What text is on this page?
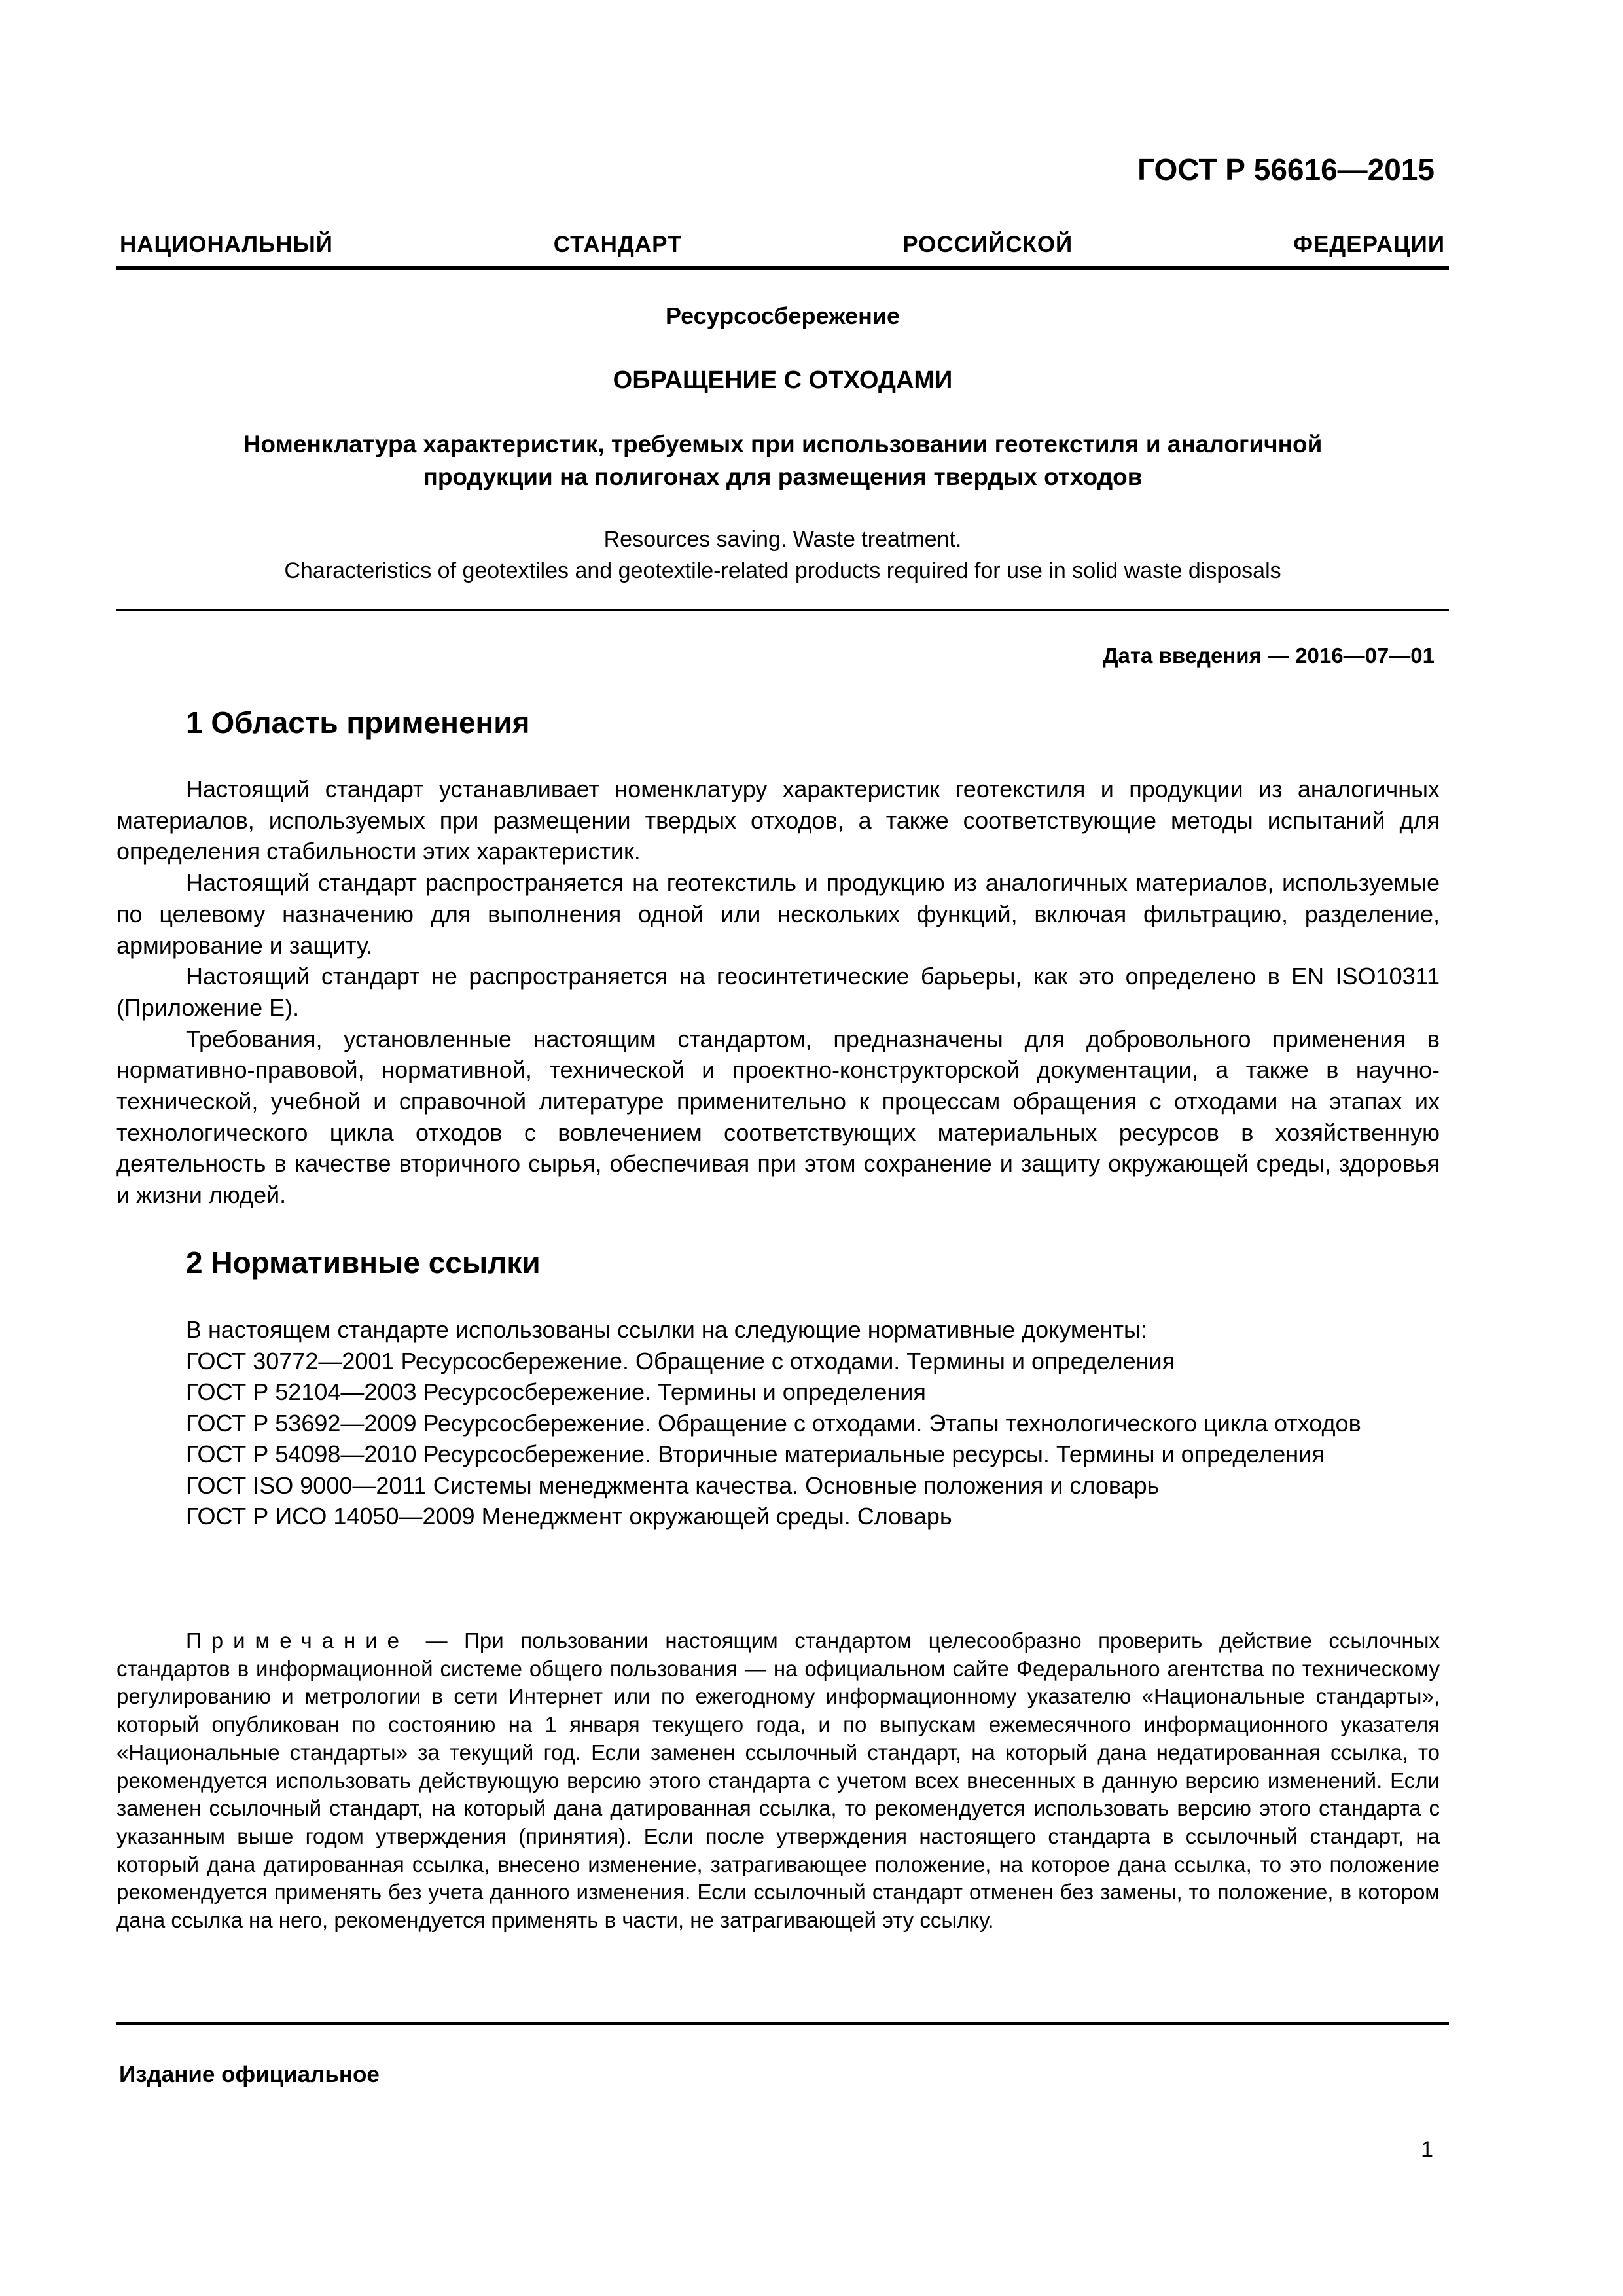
ГОСТ Р 56616—2015
НАЦИОНАЛЬНЫЙ СТАНДАРТ РОССИЙСКОЙ ФЕДЕРАЦИИ
Ресурсосбережение
ОБРАЩЕНИЕ С ОТХОДАМИ
Номенклатура характеристик, требуемых при использовании геотекстиля и аналогичной
продукции на полигонах для размещения твердых отходов
Resources saving. Waste treatment.
Characteristics of geotextiles and geotextile-related products required for use in solid waste disposals
Дата введения — 2016—07—01
1 Область применения

Настоящий стандарт устанавливает номенклатуру характеристик геотекстиля и продукции из аналогичных материалов, используемых при размещении твердых отходов, а также соответствующие методы испытаний для определения стабильности этих характеристик.

Настоящий стандарт распространяется на геотекстиль и продукцию из аналогичных материалов, используемые по целевому назначению для выполнения одной или нескольких функций, включая фильтрацию, разделение, армирование и защиту.

Настоящий стандарт не распространяется на геосинтетические барьеры, как это определено в EN ISO10311 (Приложение Е).

Требования, установленные настоящим стандартом, предназначены для добровольного применения в нормативно-правовой, нормативной, технической и проектно-конструкторской документации, а также в научно-технической, учебной и справочной литературе применительно к процессам обращения с отходами на этапах их технологического цикла отходов с вовлечением соответствующих материальных ресурсов в хозяйственную деятельность в качестве вторичного сырья, обеспечивая при этом сохранение и защиту окружающей среды, здоровья и жизни людей.

2 Нормативные ссылки

В настоящем стандарте использованы ссылки на следующие нормативные документы:

ГОСТ 30772—2001 Ресурсосбережение. Обращение с отходами. Термины и определения

ГОСТ Р 52104—2003 Ресурсосбережение. Термины и определения

ГОСТ Р 53692—2009 Ресурсосбережение. Обращение с отходами. Этапы технологического цикла отходов

ГОСТ Р 54098—2010 Ресурсосбережение. Вторичные материальные ресурсы. Термины и определения

ГОСТ ISO 9000—2011 Системы менеджмента качества. Основные положения и словарь

ГОСТ Р ИСО 14050—2009 Менеджмент окружающей среды. Словарь

Примечание — При пользовании настоящим стандартом целесообразно проверить действие ссылочных стандартов в информационной системе общего пользования — на официальном сайте Федерального агентства по техническому регулированию и метрологии в сети Интернет или по ежегодному информационному указателю «Национальные стандарты», который опубликован по состоянию на 1 января текущего года, и по выпускам ежемесячного информационного указателя «Национальные стандарты» за текущий год. Если заменен ссылочный стандарт, на который дана недатированная ссылка, то рекомендуется использовать действующую версию этого стандарта с учетом всех внесенных в данную версию изменений. Если заменен ссылочный стандарт, на который дана датированная ссылка, то рекомендуется использовать версию этого стандарта с указанным выше годом утверждения (принятия). Если после утверждения настоящего стандарта в ссылочный стандарт, на который дана датированная ссылка, внесено изменение, затрагивающее положение, на которое дана ссылка, то это положение рекомендуется применять без учета данного изменения. Если ссылочный стандарт отменен без замены, то положение, в котором дана ссылка на него, рекомендуется применять в части, не затрагивающей эту ссылку.
Издание официальное
1
